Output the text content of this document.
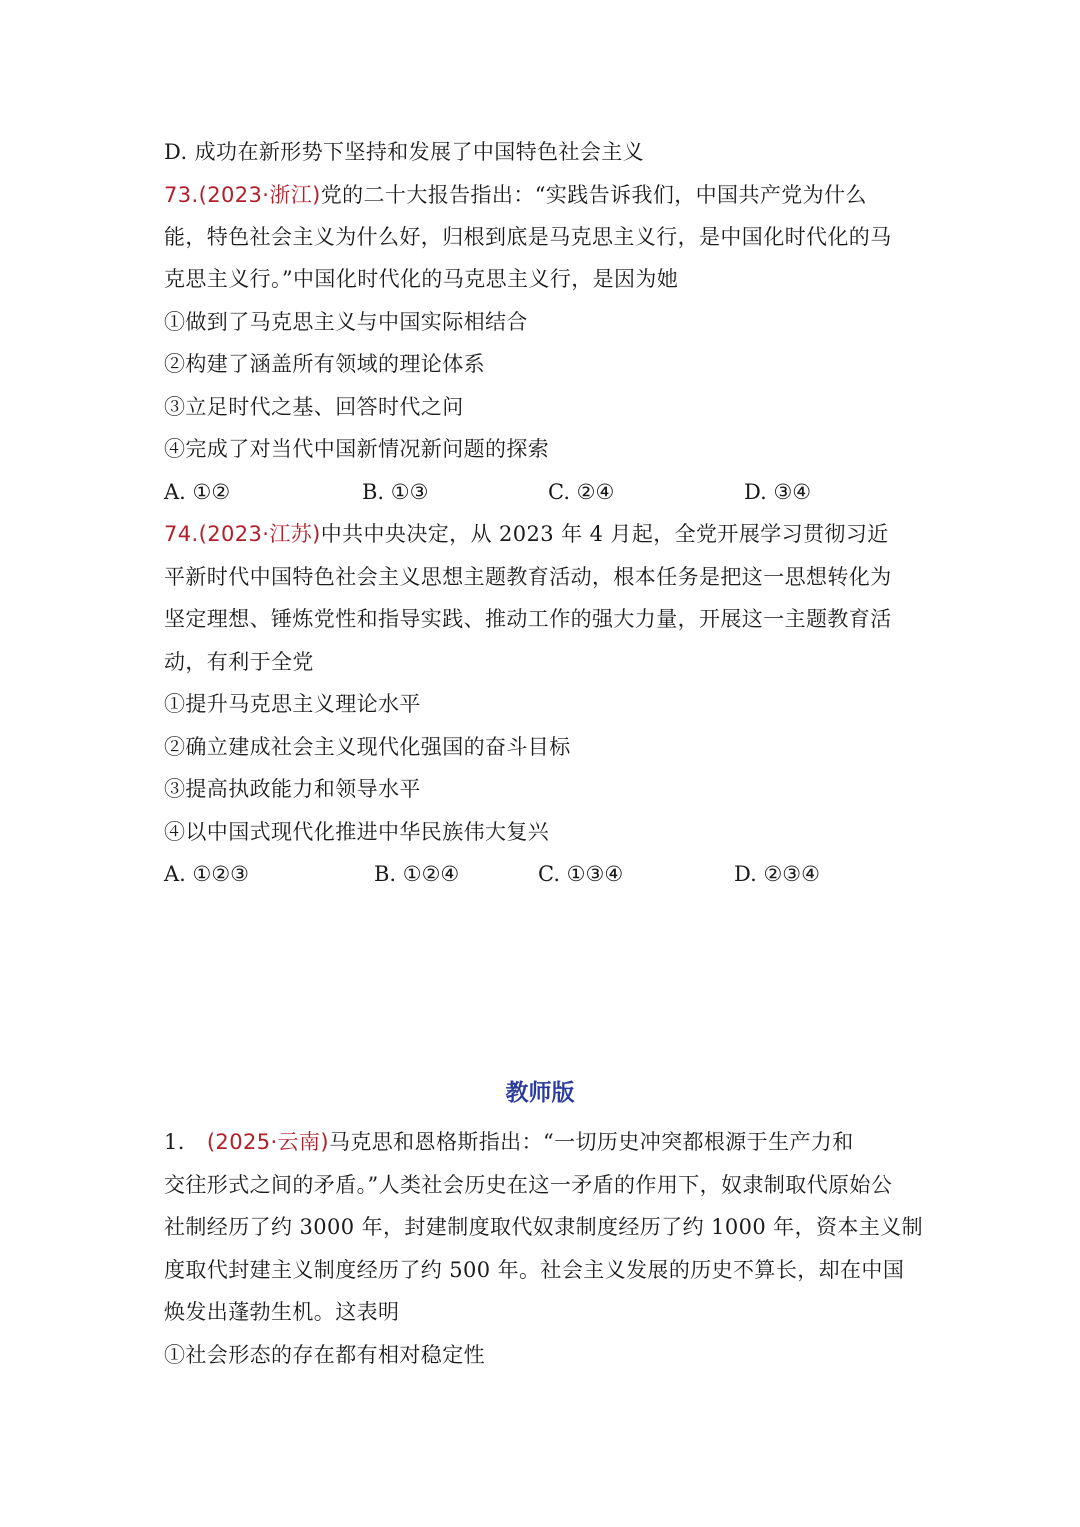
D. 成功在新形势下坚持和发展了中国特色社会主义
73.(2023·浙江)党的二十大报告指出：“实践告诉我们，中国共产党为什么
能，特色社会主义为什么好，归根到底是马克思主义行，是中国化时代化的马
克思主义行。”中国化时代化的马克思主义行，是因为她
①做到了马克思主义与中国实际相结合
②构建了涵盖所有领域的理论体系
③立足时代之基、回答时代之问
④完成了对当代中国新情况新问题的探索
A. ①②	B. ①③	C. ②④	D. ③④
74.(2023·江苏)中共中央决定，从 2023 年 4 月起，全党开展学习贯彻习近
平新时代中国特色社会主义思想主题教育活动，根本任务是把这一思想转化为
坚定理想、锤炼党性和指导实践、推动工作的强大力量，开展这一主题教育活
动，有利于全党
①提升马克思主义理论水平
②确立建成社会主义现代化强国的奋斗目标
③提高执政能力和领导水平
④以中国式现代化推进中华民族伟大复兴
A. ①②③	B. ①②④	C. ①③④	D. ②③④
教师版
1. (2025·云南)马克思和恩格斯指出：“一切历史冲突都根源于生产力和
交往形式之间的矛盾。”人类社会历史在这一矛盾的作用下，奴隶制取代原始公
社制经历了约 3000 年，封建制度取代奴隶制度经历了约 1000 年，资本主义制
度取代封建主义制度经历了约 500 年。社会主义发展的历史不算长，却在中国
焕发出蓬勃生机。这表明
①社会形态的存在都有相对稳定性
